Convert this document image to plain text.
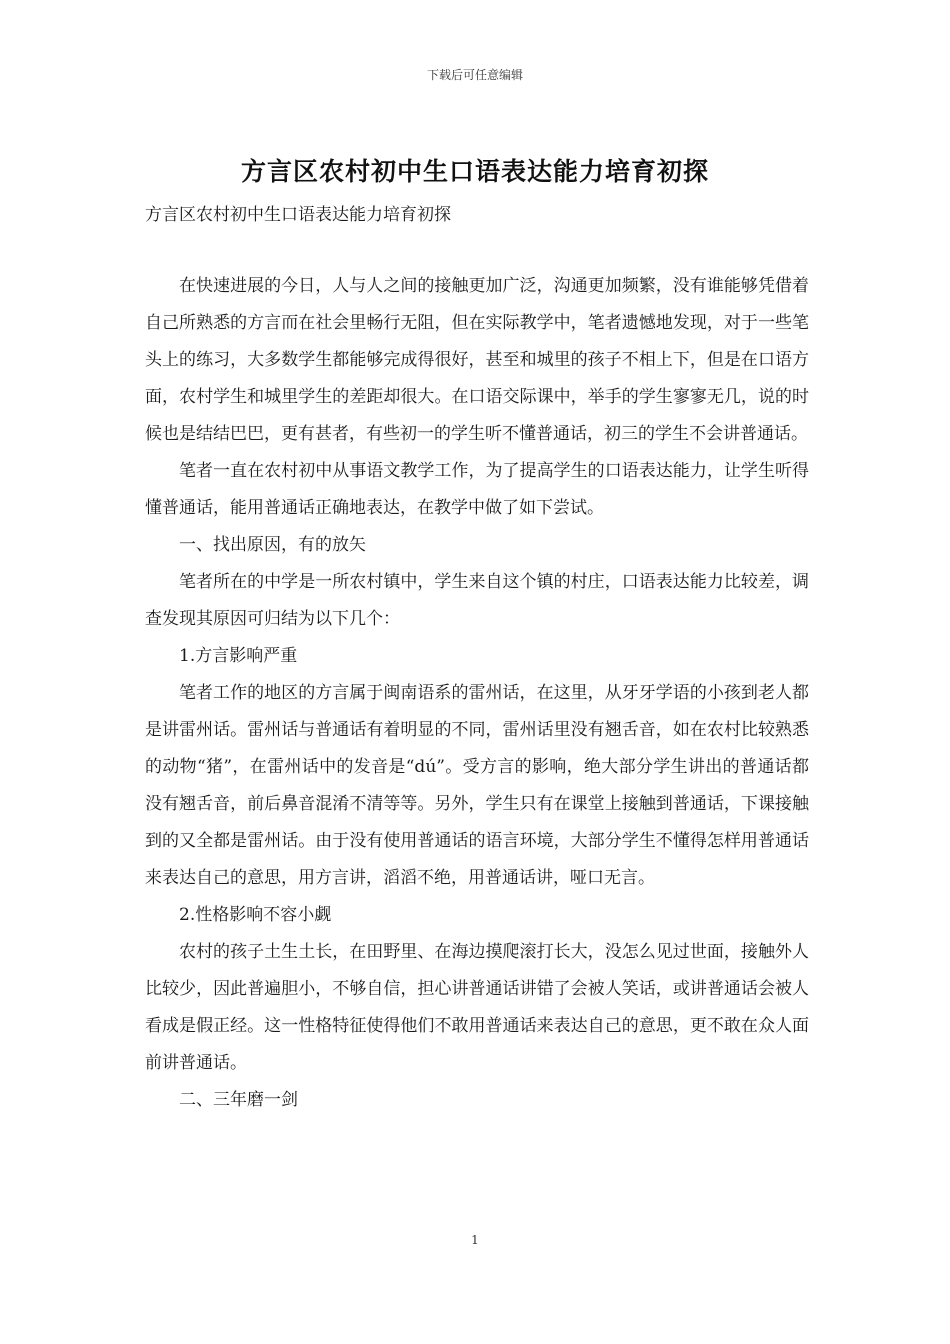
下载后可任意编辑
方言区农村初中生口语表达能力培育初探

方言区农村初中生口语表达能力培育初探

在快速进展的今日，人与人之间的接触更加广泛，沟通更加频繁，没有谁能够凭借着自己所熟悉的方言而在社会里畅行无阻，但在实际教学中，笔者遗憾地发现，对于一些笔头上的练习，大多数学生都能够完成得很好，甚至和城里的孩子不相上下，但是在口语方面，农村学生和城里学生的差距却很大。在口语交际课中，举手的学生寥寥无几，说的时候也是结结巴巴，更有甚者，有些初一的学生听不懂普通话，初三的学生不会讲普通话。

笔者一直在农村初中从事语文教学工作，为了提高学生的口语表达能力，让学生听得懂普通话，能用普通话正确地表达，在教学中做了如下尝试。

一、找出原因，有的放矢

笔者所在的中学是一所农村镇中，学生来自这个镇的村庄，口语表达能力比较差，调查发现其原因可归结为以下几个：

1.方言影响严重

笔者工作的地区的方言属于闽南语系的雷州话，在这里，从牙牙学语的小孩到老人都是讲雷州话。雷州话与普通话有着明显的不同，雷州话里没有翘舌音，如在农村比较熟悉的动物“猪”，在雷州话中的发音是“dú”。受方言的影响，绝大部分学生讲出的普通话都没有翘舌音，前后鼻音混淆不清等等。另外，学生只有在课堂上接触到普通话，下课接触到的又全都是雷州话。由于没有使用普通话的语言环境，大部分学生不懂得怎样用普通话来表达自己的意思，用方言讲，滔滔不绝，用普通话讲，哑口无言。

2.性格影响不容小觑

农村的孩子土生土长，在田野里、在海边摸爬滚打长大，没怎么见过世面，接触外人比较少，因此普遍胆小，不够自信，担心讲普通话讲错了会被人笑话，或讲普通话会被人看成是假正经。这一性格特征使得他们不敢用普通话来表达自己的意思，更不敢在众人面前讲普通话。

二、三年磨一剑

1
